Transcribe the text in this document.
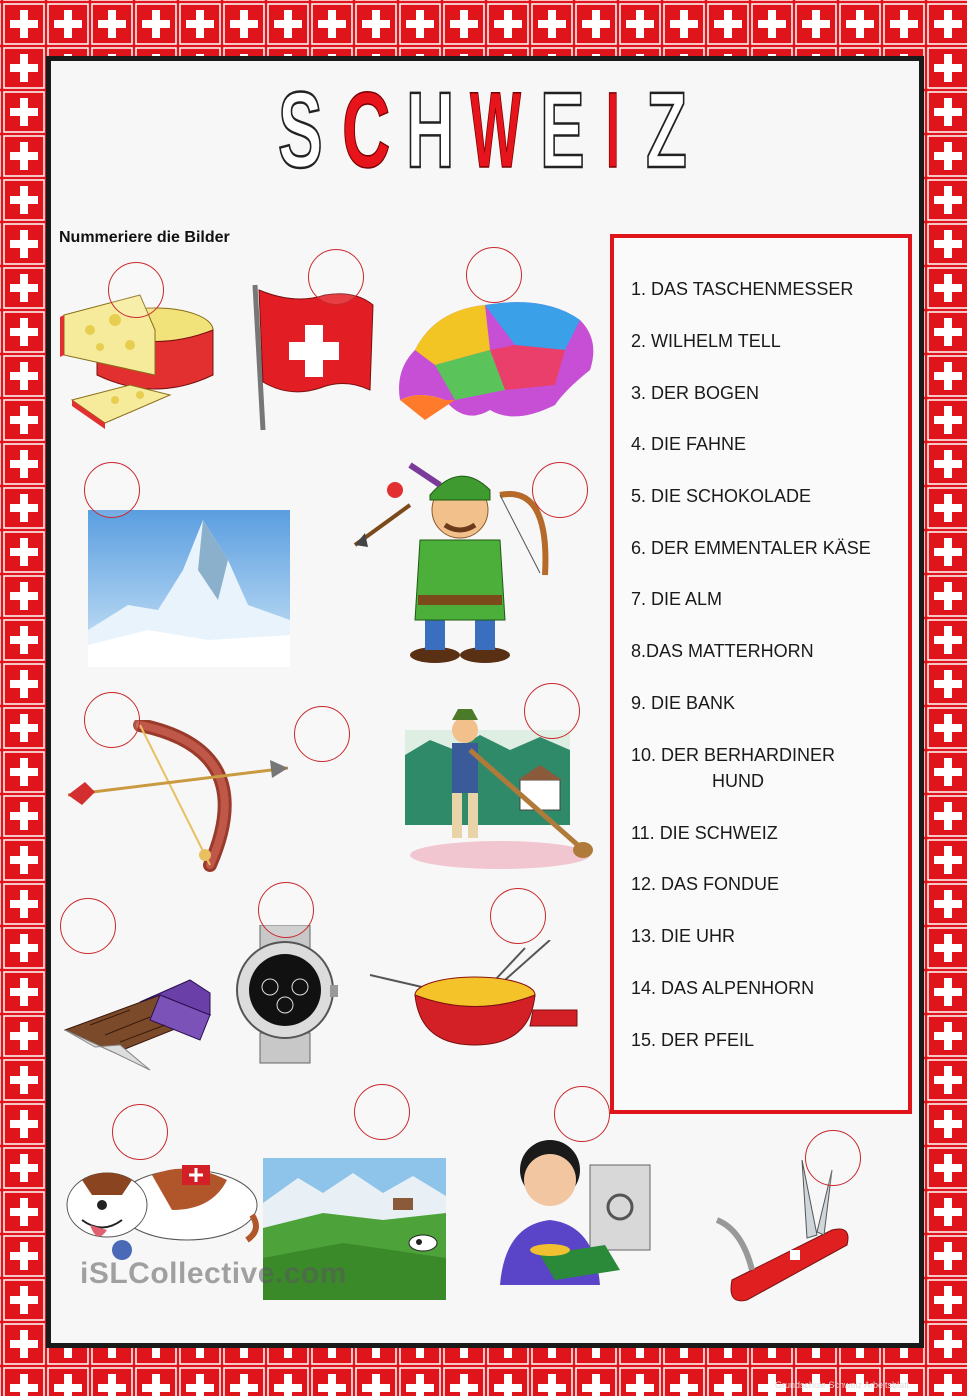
S C H W E I Z
Nummeriere die Bilder
1. DAS TASCHENMESSER
2. WILHELM TELL
3. DER BOGEN
4. DIE FAHNE
5. DIE SCHOKOLADE
6. DER EMMENTALER KÄSE
7. DIE ALM
8.DAS MATTERHORN
9. DIE BANK
10. DER BERHARDINER
HUND
11. DIE SCHWEIZ
12. DAS FONDUE
13. DIE UHR
14. DAS ALPENHORN
15. DER PFEIL
iSLCollective.com
Grundschule Schweiz Arbeitsblatt
